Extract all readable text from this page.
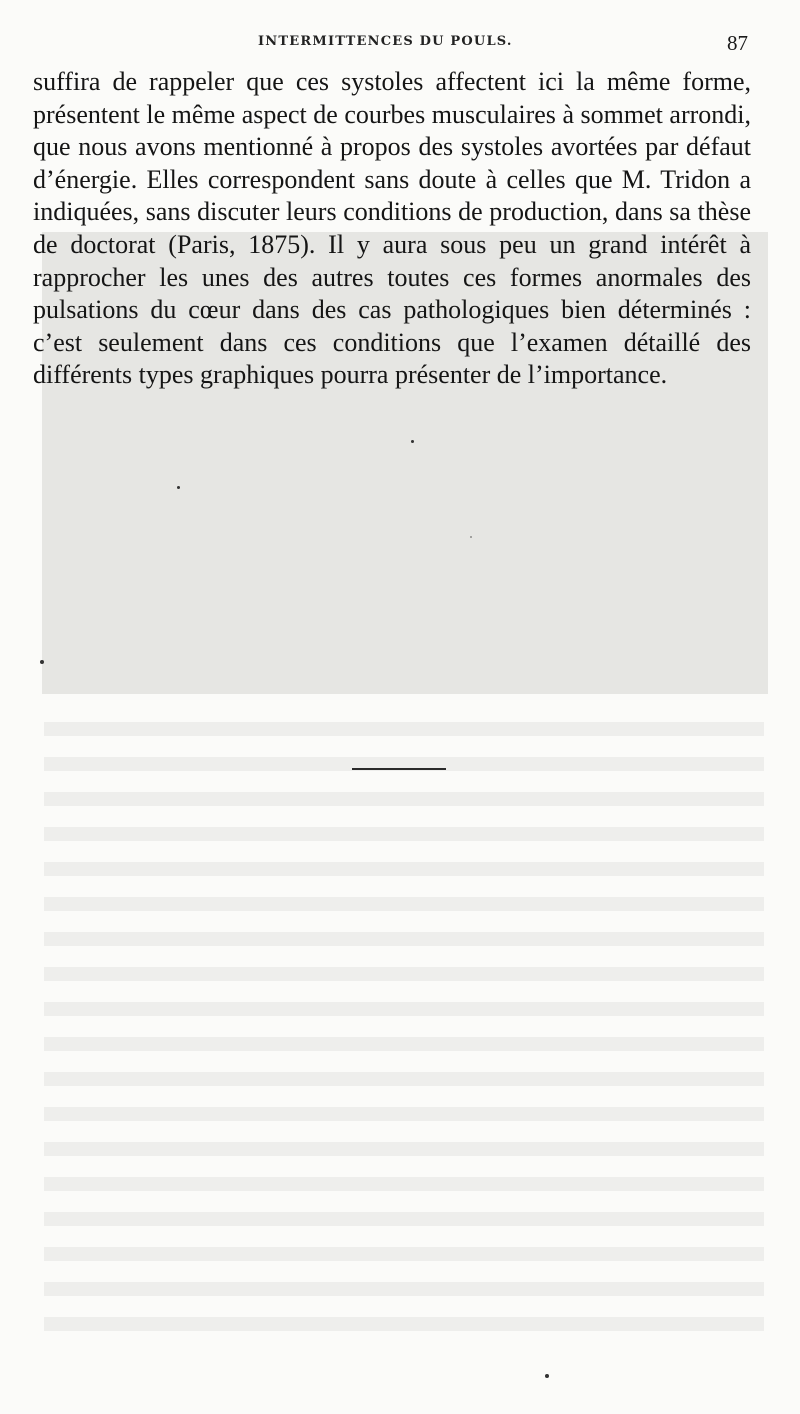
INTERMITTENCES DU POULS.	87

suffira de rappeler que ces systoles affectent ici la même forme, présentent le même aspect de courbes musculaires à sommet arrondi, que nous avons mentionné à propos des systoles avortées par défaut d’énergie. Elles correspondent sans doute à celles que M. Tridon a indiquées, sans discuter leurs conditions de production, dans sa thèse de doctorat (Paris, 1875). Il y aura sous peu un grand intérêt à rapprocher les unes des autres toutes ces formes anormales des pulsations du cœur dans des cas pathologiques bien déterminés : c’est seulement dans ces conditions que l’examen détaillé des différents types graphiques pourra présenter de l’importance.
